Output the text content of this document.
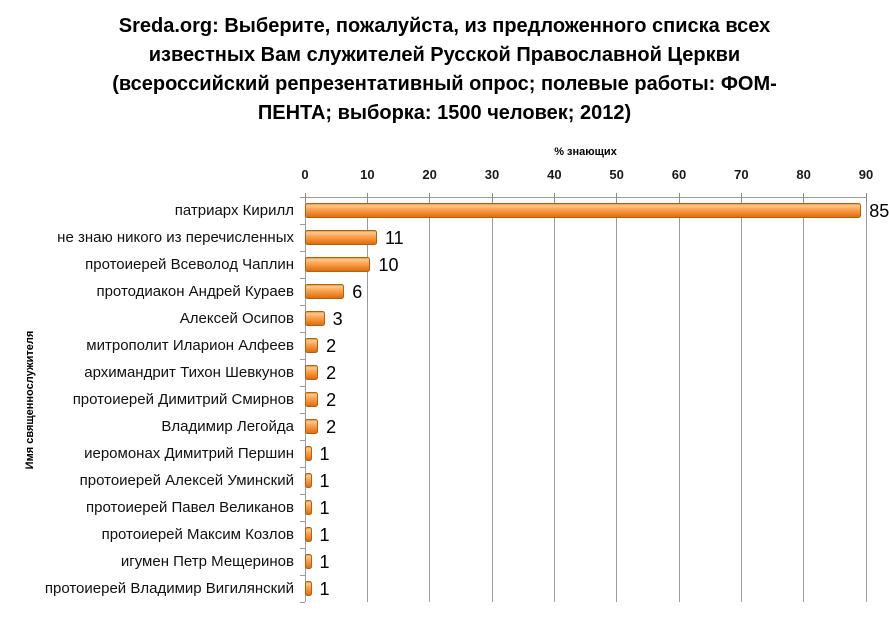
Sreda.org: Выберите, пожалуйста, из предложенного списка всех
известных Вам служителей Русской Православной Церкви
(всероссийский репрезентативный опрос; полевые работы: ФОМ-
ПЕНТА; выборка: 1500 человек; 2012)
% знающих
Имя священнослужителя
0	10	20	30	40	50	60	70	80	90
патриарх Кирилл
не знаю никого из перечисленных
протоиерей Всеволод Чаплин
протодиакон Андрей Кураев
Алексей Осипов
митрополит Иларион Алфеев
архимандрит Тихон Шевкунов
протоиерей Димитрий Смирнов
Владимир Легойда
иеромонах Димитрий Першин
протоиерей Алексей Уминский
протоиерей Павел Великанов
протоиерей Максим Козлов
игумен Петр Мещеринов
протоиерей Владимир Вигилянский
85
11
10
6
3
2
2
2
2
1
1
1
1
1
1
